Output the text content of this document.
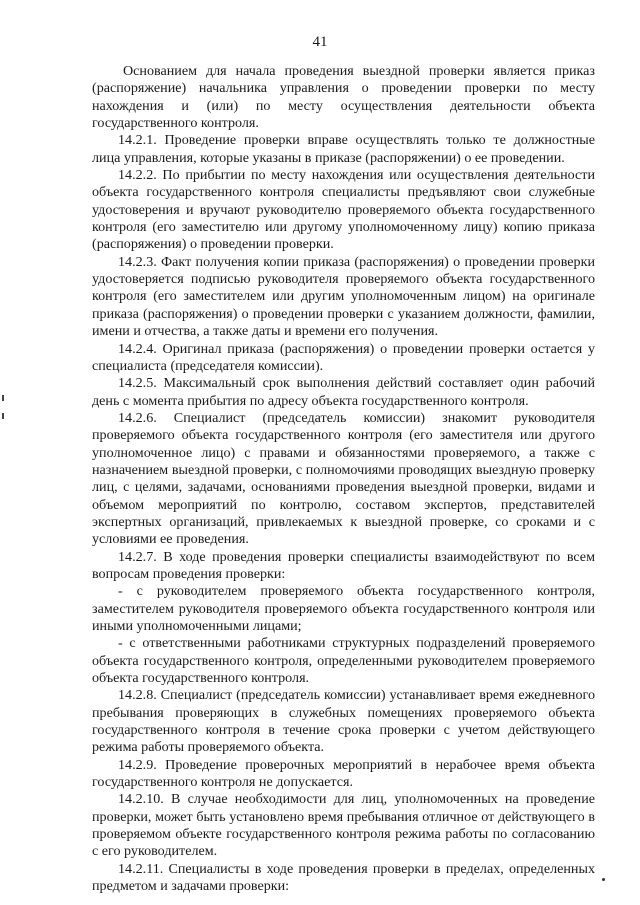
41

Основанием для начала проведения выездной проверки является приказ (распоряжение) начальника управления о проведении проверки по месту нахождения и (или) по месту осуществления деятельности объекта государственного контроля.

14.2.1. Проведение проверки вправе осуществлять только те должностные лица управления, которые указаны в приказе (распоряжении) о ее проведении.

14.2.2. По прибытии по месту нахождения или осуществления деятельности объекта государственного контроля специалисты предъявляют свои служебные удостоверения и вручают руководителю проверяемого объекта государственного контроля (его заместителю или другому уполномоченному лицу) копию приказа (распоряжения) о проведении проверки.

14.2.3. Факт получения копии приказа (распоряжения) о проведении проверки удостоверяется подписью руководителя проверяемого объекта государственного контроля (его заместителем или другим уполномоченным лицом) на оригинале приказа (распоряжения) о проведении проверки с указанием должности, фамилии, имени и отчества, а также даты и времени его получения.

14.2.4. Оригинал приказа (распоряжения) о проведении проверки остается у специалиста (председателя комиссии).

14.2.5. Максимальный срок выполнения действий составляет один рабочий день с момента прибытия по адресу объекта государственного контроля.

14.2.6. Специалист (председатель комиссии) знакомит руководителя проверяемого объекта государственного контроля (его заместителя или другого уполномоченное лицо) с правами и обязанностями проверяемого, а также с назначением выездной проверки, с полномочиями проводящих выездную проверку лиц, с целями, задачами, основаниями проведения выездной проверки, видами и объемом мероприятий по контролю, составом экспертов, представителей экспертных организаций, привлекаемых к выездной проверке, со сроками и с условиями ее проведения.

14.2.7. В ходе проведения проверки специалисты взаимодействуют по всем вопросам проведения проверки:

- с руководителем проверяемого объекта государственного контроля, заместителем руководителя проверяемого объекта государственного контроля или иными уполномоченными лицами;

- с ответственными работниками структурных подразделений проверяемого объекта государственного контроля, определенными руководителем проверяемого объекта государственного контроля.

14.2.8. Специалист (председатель комиссии) устанавливает время ежедневного пребывания проверяющих в служебных помещениях проверяемого объекта государственного контроля в течение срока проверки с учетом действующего режима работы проверяемого объекта.

14.2.9. Проведение проверочных мероприятий в нерабочее время объекта государственного контроля не допускается.

14.2.10. В случае необходимости для лиц, уполномоченных на проведение проверки, может быть установлено время пребывания отличное от действующего в проверяемом объекте государственного контроля режима работы по согласованию с его руководителем.

14.2.11. Специалисты в ходе проведения проверки в пределах, определенных предметом и задачами проверки:
